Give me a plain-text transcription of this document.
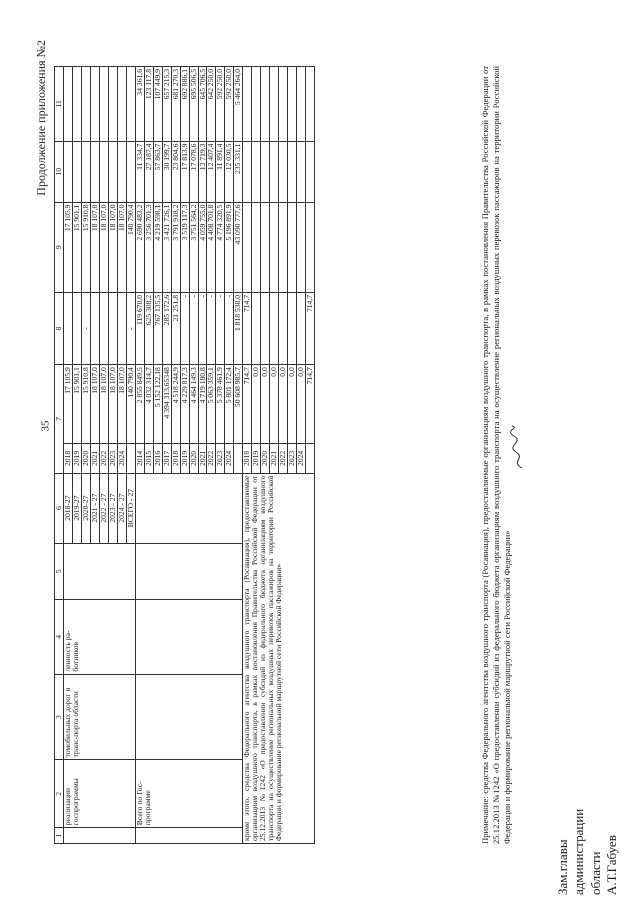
Продолжение приложения №2
1	2	3	4	5	6	7		8	9	10	11
	реализации госпрограммы	томобильных дорог и транс-порта области	ленность ра-ботников		2018-27	2018	17 105,9		17 105,9		
					2019-27	2019	15 901,1		15 901,1		
					2020-27	2020	15 910,8	-	15 910,8		
					2021 - 27	2021	18 107,0		18 107,0		
					2022 - 27	2022	18 107,0		18 107,0		
					2023 - 27	2023	18 107,0		18 107,0		
					2024 - 27	2024	18 107,0		18 107,0		
					ВСЕГО - 27		140 790,4	-	140 790,4		
	Всего по Гос-программе					2014	2 855 849,5	119 670,0	2 690 483,2	11 334,7	34 361,6
						2015	4 032 314,7	625 308,2	3 256 701,3	27 187,4	123 117,8
						2016	5 152 122,18	767 135,5	4 219 598,1	57 863,7	107 449,9
						2017	4 394 313,65348	285 172,6	3 421 726,1	30 199,7	657 215,3
						2018	4 518 244,9	21 251,8	3 791 918,2	23 804,6	681 270,3
						2019	4 229 817,3	-	3 519 117,3	17 813,9	692 886,1
						2020	4 464 149,3	-	3 751 564,2	17 078,6	695 506,5
						2021	4 719 180,8	-	4 059 755,0	13 719,3	645 706,5
						2022	5 063 359,1	-	4 408 701,8	12 407,4	642 250,0
						2023	5 378 461,9	-	4 774 320,5	11 891,4	592 250,0
						2024	5 801 172,4	-	5 196 891,9	12 030,5	592 250,0
							50 608 985,7	1 818 538,0	43 090 777,6	235 331,1	5 464 264,0
кроме этого, средства Федерального агентства воздушного транспорта (Росавиация), предоставляемые организациям воздушного транспорта, в рамках постановления Правительства Российской Федерации от 25.12.2013 №1242 «О предоставлении субсидий из федерального бюджета организациям воздушного транспорта на осуществление региональных воздушных перевозок пассажиров на территории Российской Федерации и формирование региональной маршрутной сети Российской Федерации»						2018	714,7	714,7			
						2019	0,0				
						2020	0,0				
						2021	0,0				
						2022	0,0				
						2023	0,0				
						2024	0,0				
							714,7	714,7				Примечание: средства Федерального агентства воздушного транспорта (Росавиация), предоставляемые организациям воздушного транспорта, в рамках постановления Правительства Российской Федерации от 25.12.2013 №1242 «О предоставлении субсидий из федерального бюджета организациям воздушного транспорта на осуществление региональных воздушных перевозок пассажиров на территории Российской Федерации и формирование региональной маршрутной сети Российской Федерации»
Зам.главы администрации области А.Т.Габуев
35
